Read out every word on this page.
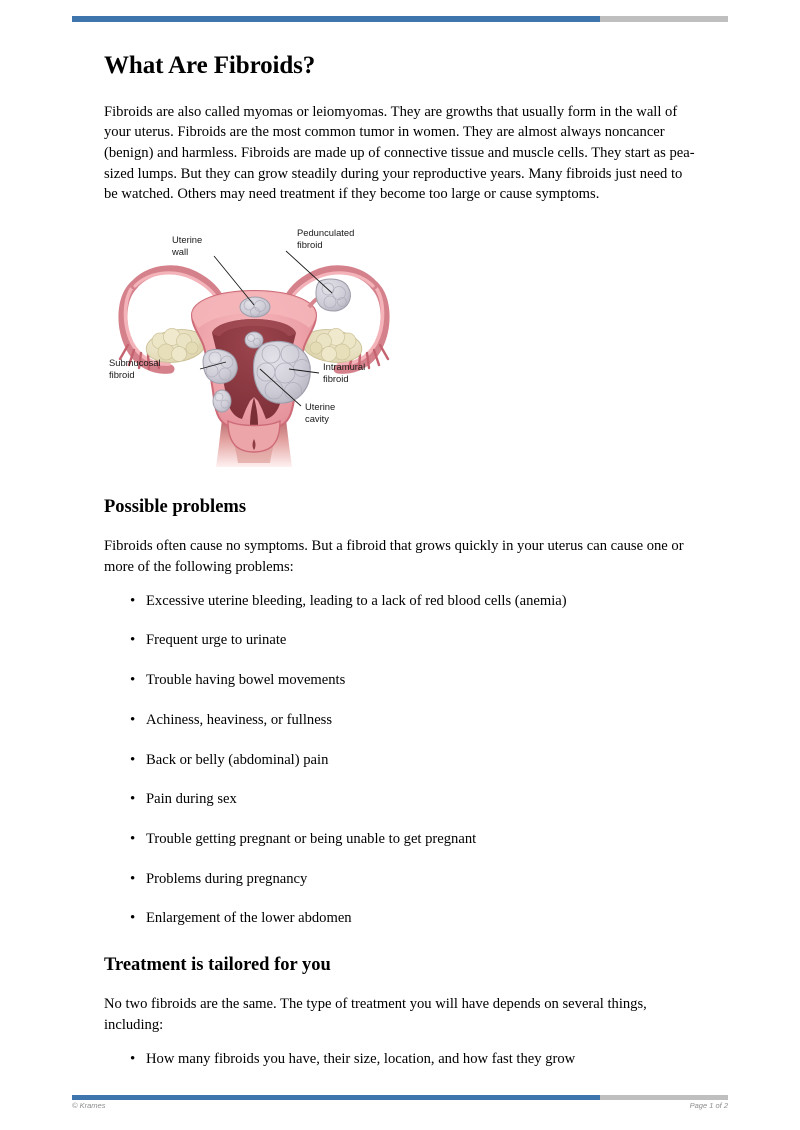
What Are Fibroids?

Fibroids are also called myomas or leiomyomas. They are growths that usually form in the wall of your uterus. Fibroids are the most common tumor in women. They are almost always noncancer (benign) and harmless. Fibroids are made up of connective tissue and muscle cells. They start as pea-sized lumps. But they can grow steadily during your reproductive years. Many fibroids just need to be watched. Others may need treatment if they become too large or cause symptoms.

Uterine
wall
Pedunculated
fibroid
Submucosal
fibroid
Intramural
fibroid
Uterine
cavity
Possible problems

Fibroids often cause no symptoms. But a fibroid that grows quickly in your uterus can cause one or more of the following problems:

• Excessive uterine bleeding, leading to a lack of red blood cells (anemia)
• Frequent urge to urinate
• Trouble having bowel movements
• Achiness, heaviness, or fullness
• Back or belly (abdominal) pain
• Pain during sex
• Trouble getting pregnant or being unable to get pregnant
• Problems during pregnancy
• Enlargement of the lower abdomen
Treatment is tailored for you

No two fibroids are the same. The type of treatment you will have depends on several things, including:

• How many fibroids you have, their size, location, and how fast they grow
© Krames	Page 1 of 2
